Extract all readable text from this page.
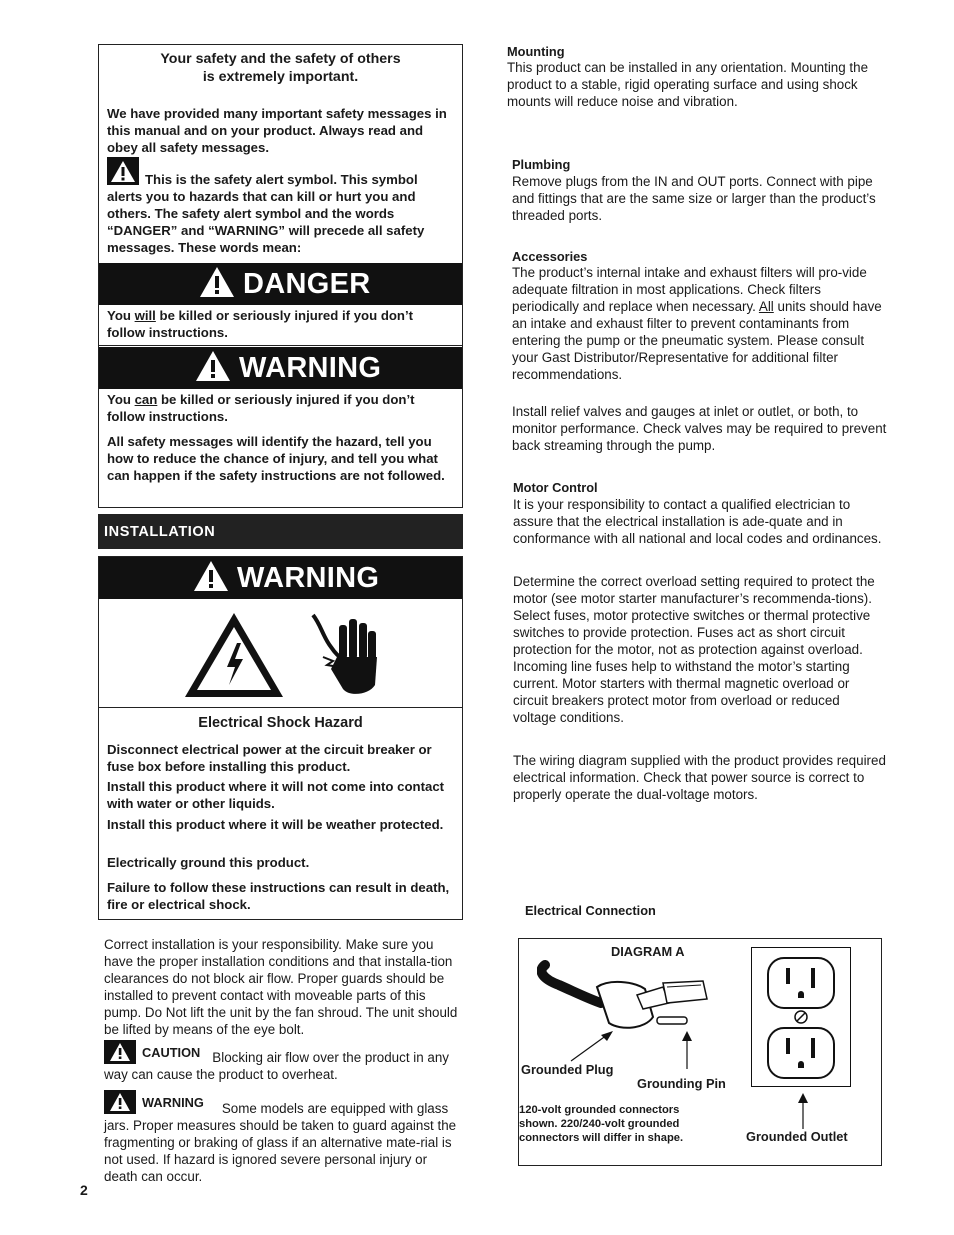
Your safety and the safety of others
is extremely important.

We have provided many important safety messages in this manual and on your product. Always read and obey all safety messages.

This is the safety alert symbol. This symbol alerts you to hazards that can kill or hurt you and others. The safety alert symbol and the words “DANGER” and “WARNING” will precede all safety messages. These words mean:

DANGER

You will be killed or seriously injured if you don’t follow instructions.

WARNING

You can be killed or seriously injured if you don’t follow instructions.

All safety messages will identify the hazard, tell you how to reduce the chance of injury, and tell you what can happen if the safety instructions are not followed.

INSTALLATION
WARNING
Electrical Shock Hazard

Disconnect electrical power at the circuit breaker or fuse box before installing this product.

Install this product where it will not come into contact with water or other liquids.

Install this product where it will be weather protected.

Electrically ground this product.

Failure to follow these instructions can result in death, fire or electrical shock.

Correct installation is your responsibility. Make sure you have the proper installation conditions and that installa-tion clearances do not block air flow. Proper guards should be installed to prevent contact with moveable parts of this pump. Do Not lift the unit by the fan shroud. The unit should be lifted by means of the eye bolt.

CAUTION Blocking air flow over the product in any way can cause the product to overheat.

WARNING	Some models are equipped with glass jars. Proper measures should be taken to guard against the fragmenting or braking of glass if an alternative mate-rial is not used. If hazard is ignored severe personal injury or death can occur.

2
Mounting

This product can be installed in any orientation. Mounting the product to a stable, rigid operating surface and using shock mounts will reduce noise and vibration.

Plumbing

Remove plugs from the IN and OUT ports. Connect with pipe and fittings that are the same size or larger than the product’s threaded ports.

Accessories

The product’s internal intake and exhaust filters will pro-vide adequate filtration in most applications. Check filters periodically and replace when necessary. All units should have an intake and exhaust filter to prevent contaminants from entering the pump or the pneumatic system. Please consult your Gast Distributor/Representative for additional filter recommendations.

Install relief valves and gauges at inlet or outlet, or both, to monitor performance. Check valves may be required to prevent back streaming through the pump.

Motor Control

It is your responsibility to contact a qualified electrician to assure that the electrical installation is ade-quate and in conformance with all national and local codes and ordinances.

Determine the correct overload setting required to protect the motor (see motor starter manufacturer’s recommenda-tions). Select fuses, motor protective switches or thermal protective switches to provide protection. Fuses act as short circuit protection for the motor, not as protection against overload. Incoming line fuses help to withstand the motor’s starting current. Motor starters with thermal magnetic overload or circuit breakers protect motor from overload or reduced voltage conditions.

The wiring diagram supplied with the product provides required electrical information. Check that power source is correct to properly operate the dual-voltage motors.

Electrical Connection
DIAGRAM A
Grounded Plug
Grounding Pin

120-volt grounded connectors shown. 220/240-volt grounded connectors will differ in shape.	Grounded Outlet
